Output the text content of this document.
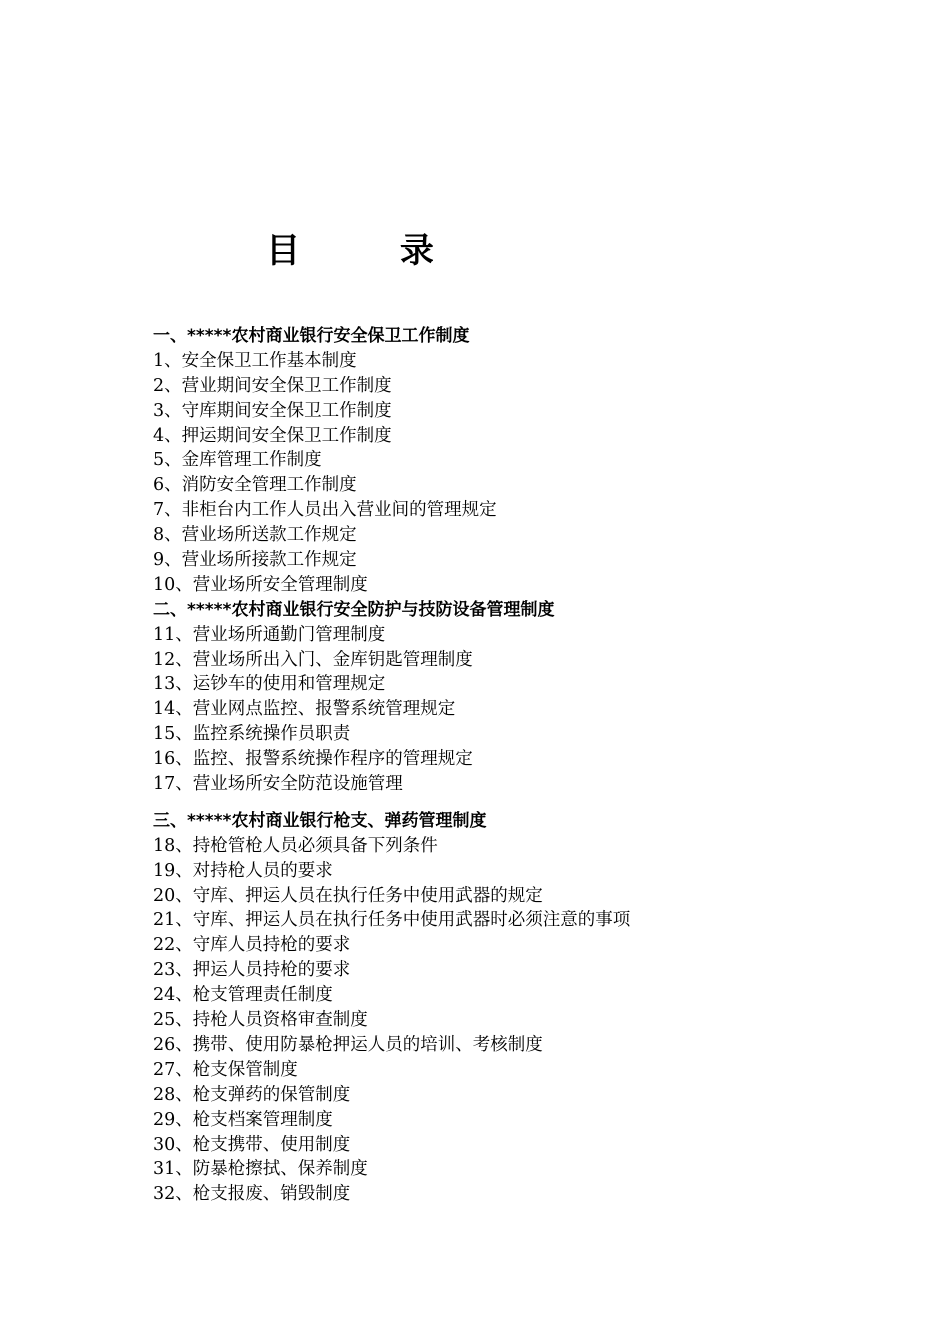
目 录
一、*****农村商业银行安全保卫工作制度
1、安全保卫工作基本制度
2、营业期间安全保卫工作制度
3、守库期间安全保卫工作制度
4、押运期间安全保卫工作制度
5、金库管理工作制度
6、消防安全管理工作制度
7、非柜台内工作人员出入营业间的管理规定
8、营业场所送款工作规定
9、营业场所接款工作规定
10、营业场所安全管理制度
二、*****农村商业银行安全防护与技防设备管理制度
11、营业场所通勤门管理制度
12、营业场所出入门、金库钥匙管理制度
13、运钞车的使用和管理规定
14、营业网点监控、报警系统管理规定
15、监控系统操作员职责
16、监控、报警系统操作程序的管理规定
17、营业场所安全防范设施管理
三、*****农村商业银行枪支、弹药管理制度
18、持枪管枪人员必须具备下列条件
19、对持枪人员的要求
20、守库、押运人员在执行任务中使用武器的规定
21、守库、押运人员在执行任务中使用武器时必须注意的事项
22、守库人员持枪的要求
23、押运人员持枪的要求
24、枪支管理责任制度
25、持枪人员资格审查制度
26、携带、使用防暴枪押运人员的培训、考核制度
27、枪支保管制度
28、枪支弹药的保管制度
29、枪支档案管理制度
30、枪支携带、使用制度
31、防暴枪擦拭、保养制度
32、枪支报废、销毁制度
